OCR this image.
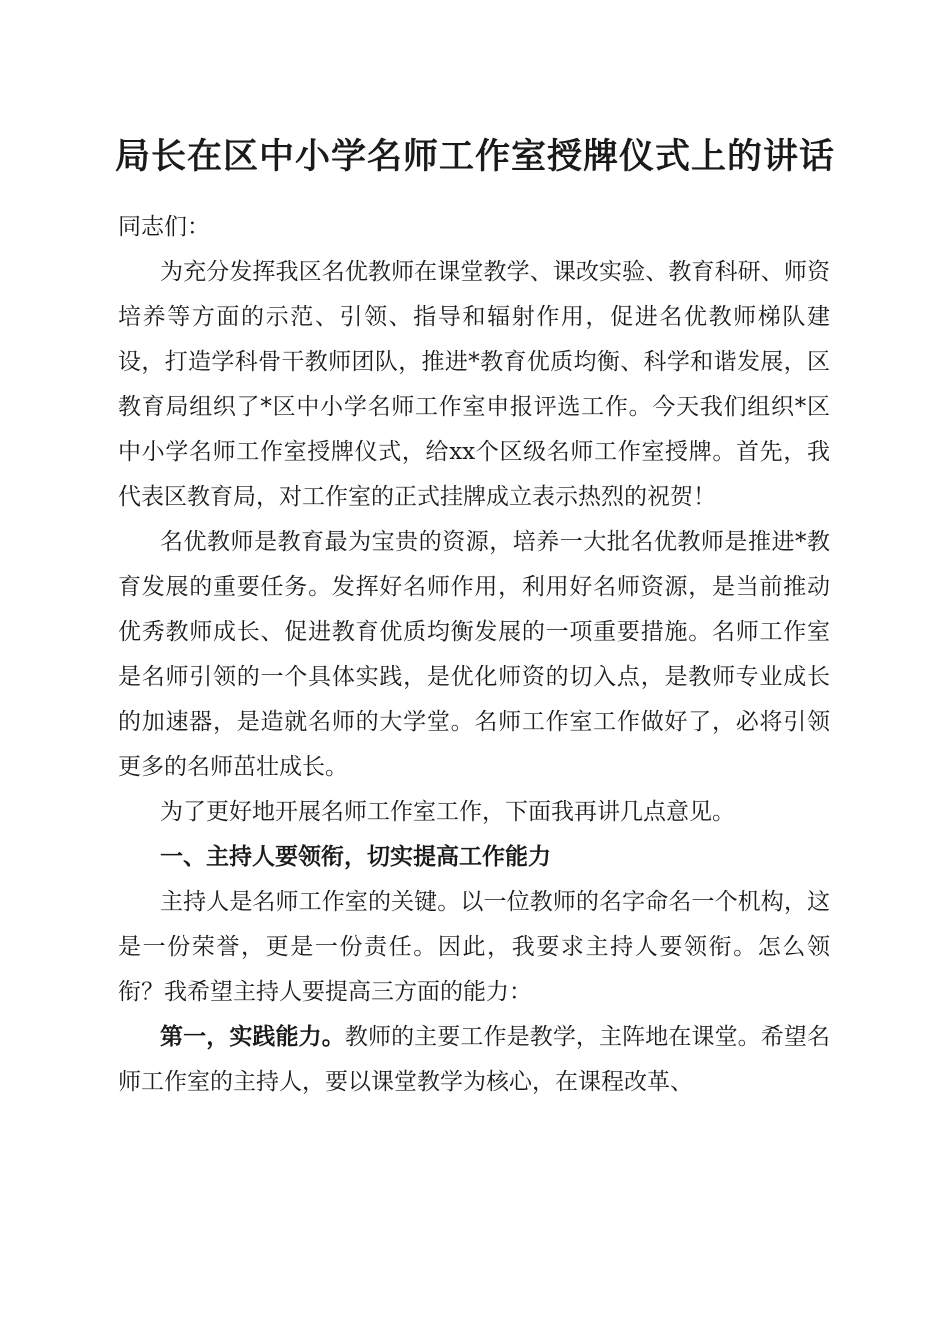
局长在区中小学名师工作室授牌仪式上的讲话

同志们：

为充分发挥我区名优教师在课堂教学、课改实验、教育科研、师资培养等方面的示范、引领、指导和辐射作用，促进名优教师梯队建设，打造学科骨干教师团队，推进*教育优质均衡、科学和谐发展，区教育局组织了*区中小学名师工作室申报评选工作。今天我们组织*区中小学名师工作室授牌仪式，给xx个区级名师工作室授牌。首先，我代表区教育局，对工作室的正式挂牌成立表示热烈的祝贺！

名优教师是教育最为宝贵的资源，培养一大批名优教师是推进*教育发展的重要任务。发挥好名师作用，利用好名师资源，是当前推动优秀教师成长、促进教育优质均衡发展的一项重要措施。名师工作室是名师引领的一个具体实践，是优化师资的切入点，是教师专业成长的加速器，是造就名师的大学堂。名师工作室工作做好了，必将引领更多的名师茁壮成长。

为了更好地开展名师工作室工作，下面我再讲几点意见。

一、主持人要领衔，切实提高工作能力

主持人是名师工作室的关键。以一位教师的名字命名一个机构，这是一份荣誉，更是一份责任。因此，我要求主持人要领衔。怎么领衔？我希望主持人要提高三方面的能力：

第一，实践能力。教师的主要工作是教学，主阵地在课堂。希望名师工作室的主持人，要以课堂教学为核心，在课程改革、
